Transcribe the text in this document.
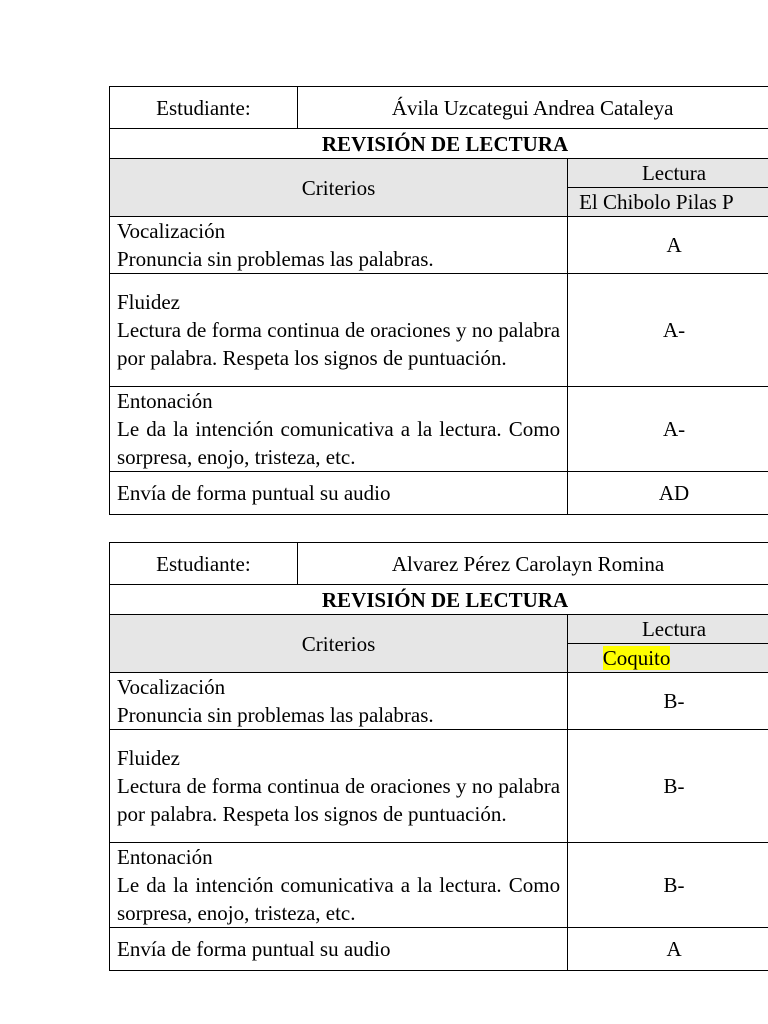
Estudiante:	Ávila Uzcategui Andrea Cataleya	
REVISIÓN DE LECTURA		
Criterios		Lectura
		El Chibolo Pilas P

Vocalización
Pronuncia sin problemas las palabras.		A

Fluidez
Lectura de forma continua de oraciones y no palabra por palabra. Respeta los signos de puntuación.		A-

Entonación
Le da la intención comunicativa a la lectura. Como sorpresa, enojo, tristeza, etc.		A-

Envía de forma puntual su audio		AD
Estudiante:	Alvarez Pérez Carolayn Romina	
REVISIÓN DE LECTURA		
Criterios		Lectura
		Coquito

Vocalización
Pronuncia sin problemas las palabras.		B-

Fluidez
Lectura de forma continua de oraciones y no palabra por palabra. Respeta los signos de puntuación.		B-

Entonación
Le da la intención comunicativa a la lectura. Como sorpresa, enojo, tristeza, etc.		B-

Envía de forma puntual su audio		A
